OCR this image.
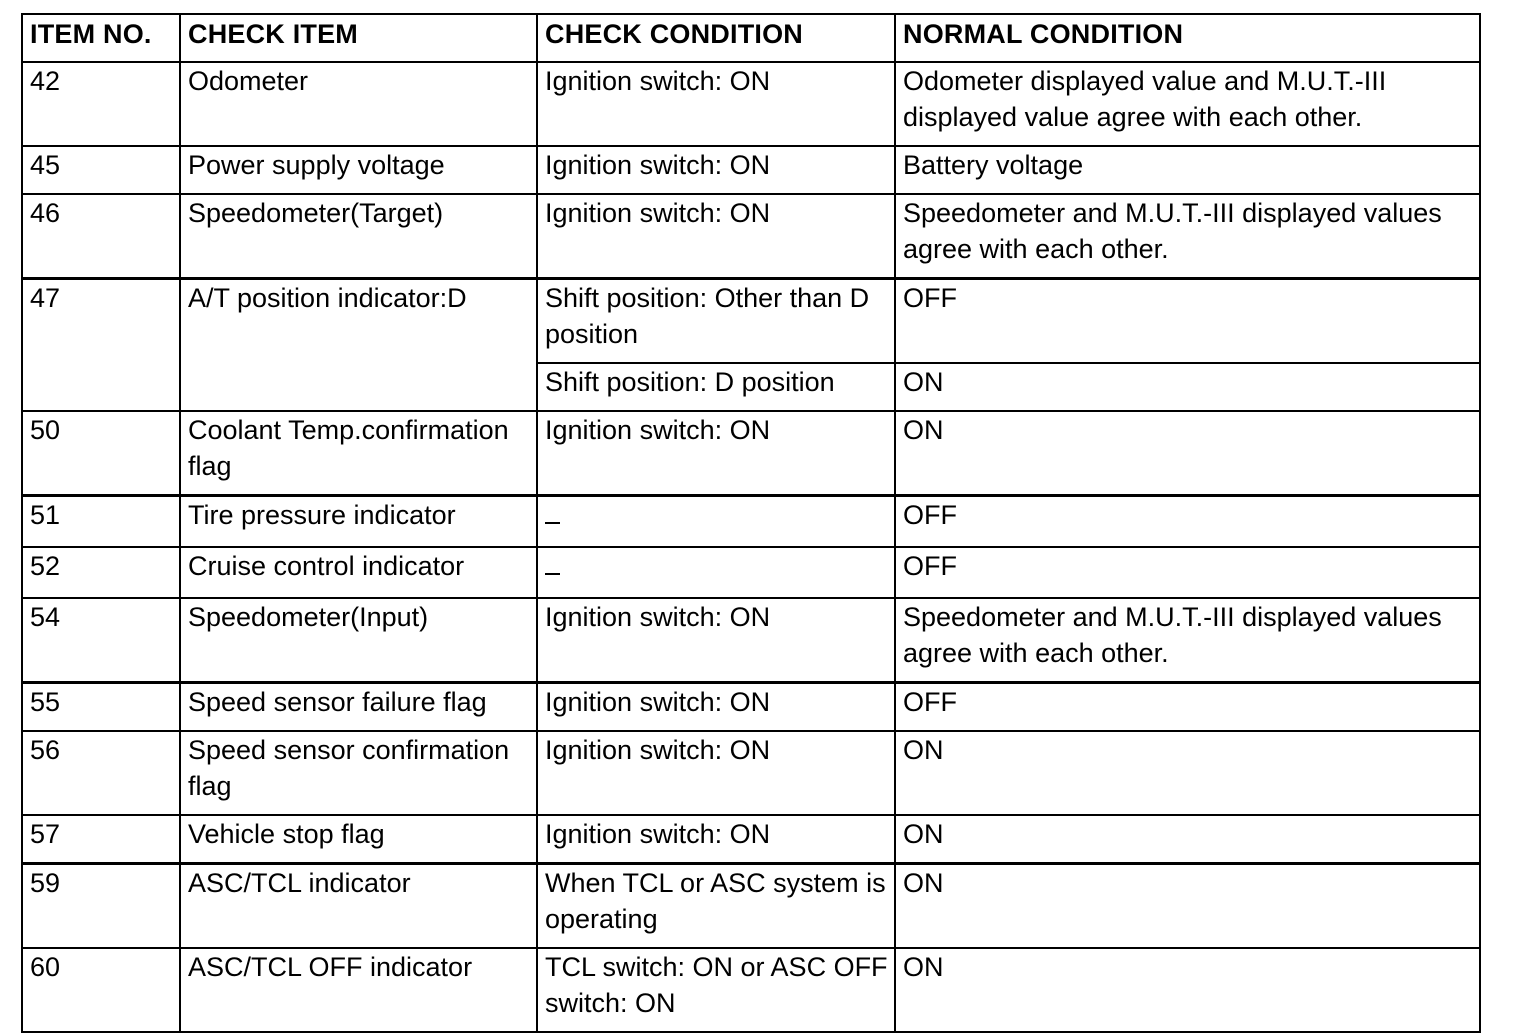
ITEM NO.	CHECK ITEM	CHECK CONDITION	NORMAL CONDITION
42	Odometer	Ignition switch: ON	Odometer displayed value and M.U.T.-III displayed value agree with each other.
45	Power supply voltage	Ignition switch: ON	Battery voltage
46	Speedometer(Target)	Ignition switch: ON	Speedometer and M.U.T.-III displayed values agree with each other.
47	A/T position indicator:D	Shift position: Other than D position	OFF
		Shift position: D position	ON
50	Coolant Temp.confirmation flag	Ignition switch: ON	ON
51	Tire pressure indicator		OFF
52	Cruise control indicator		OFF
54	Speedometer(Input)	Ignition switch: ON	Speedometer and M.U.T.-III displayed values agree with each other.
55	Speed sensor failure flag	Ignition switch: ON	OFF
56	Speed sensor confirmation flag	Ignition switch: ON	ON
57	Vehicle stop flag	Ignition switch: ON	ON
59	ASC/TCL indicator	When TCL or ASC system is operating	ON
60	ASC/TCL OFF indicator	TCL switch: ON or ASC OFF switch: ON	ON
